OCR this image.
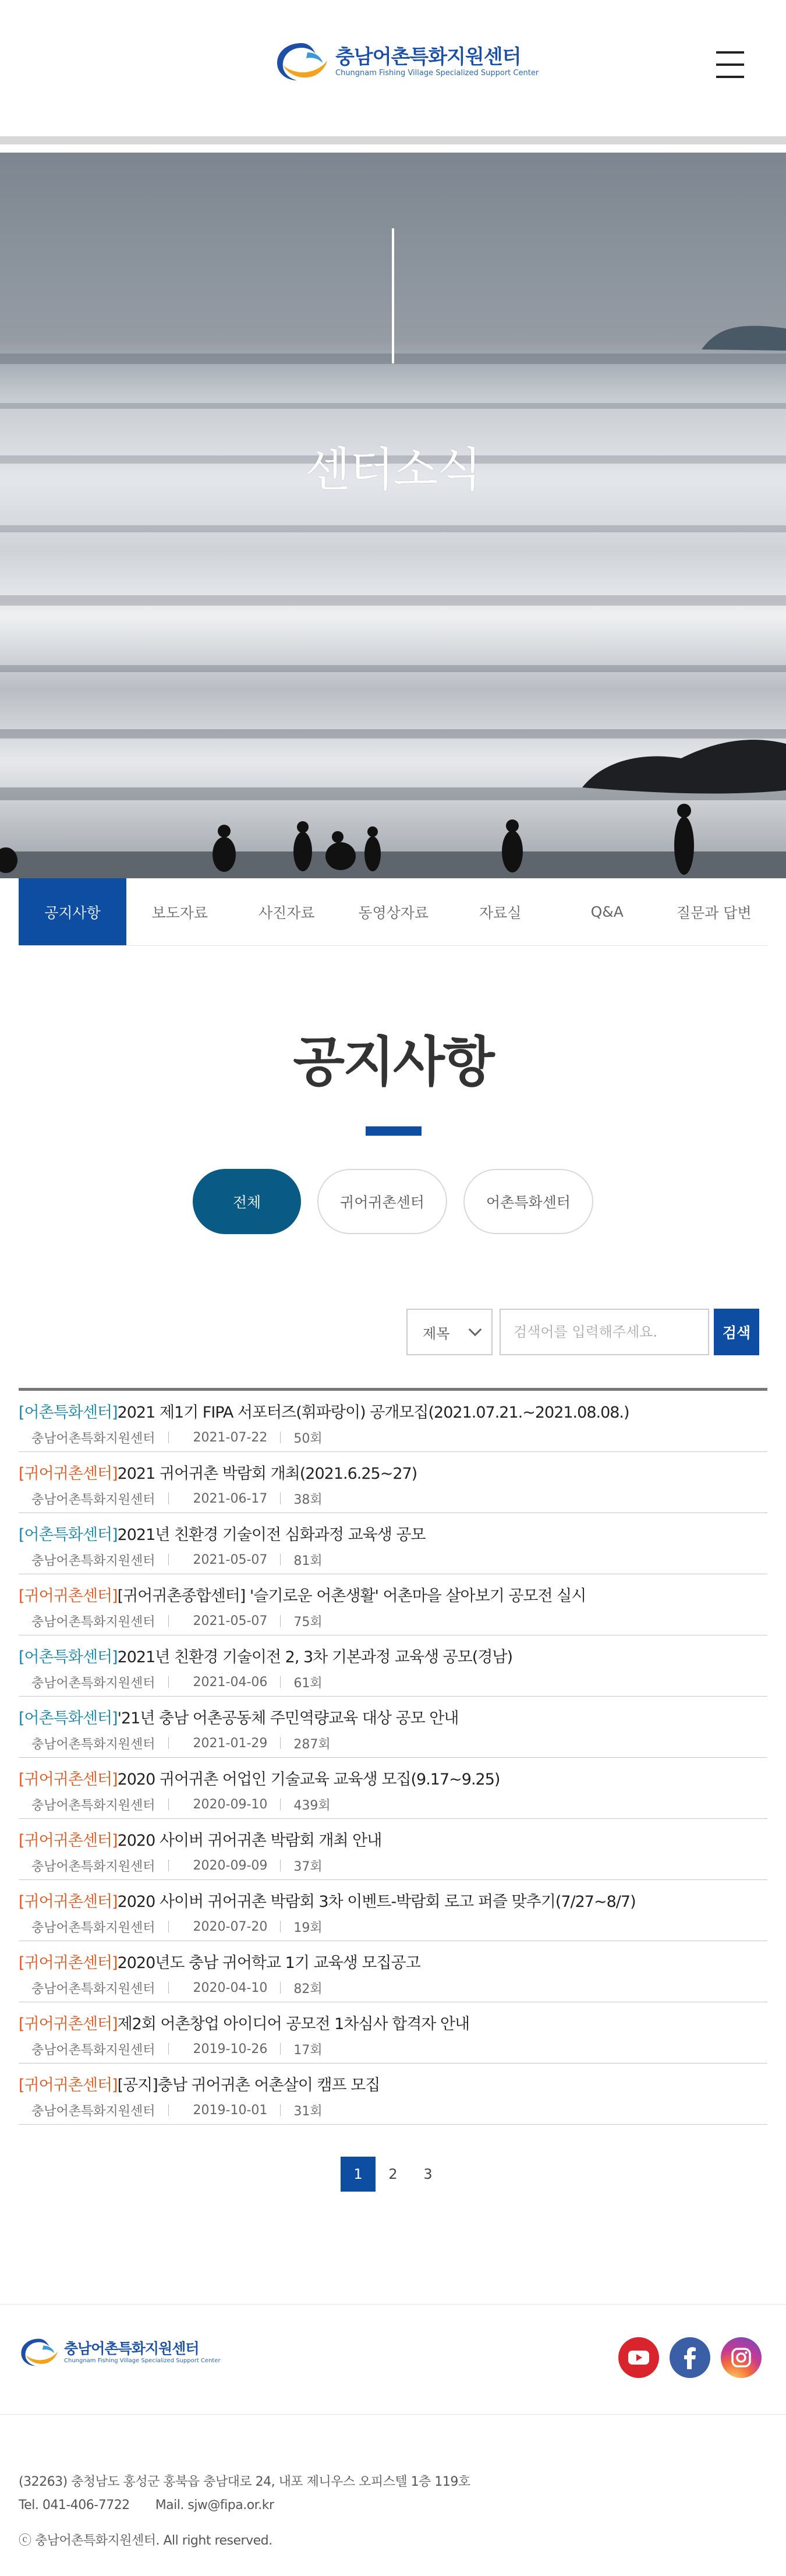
충남어촌특화지원센터
Chungnam Fishing Village Specialized Support Center
센터소식
공지사항	보도자료	사진자료	동영상자료	자료실	Q&A	질문과 답변
공지사항
전체	귀어귀촌센터	어촌특화센터
제목
검색어를 입력해주세요.	검색
[어촌특화센터]2021 제1기 FIPA 서포터즈(휘파랑이) 공개모집(2021.07.21.~2021.08.08.)
충남어촌특화지원센터	2021-07-22 50회
[귀어귀촌센터]2021 귀어귀촌 박람회 개최(2021.6.25~27)
충남어촌특화지원센터	2021-06-17 38회
[어촌특화센터]2021년 친환경 기술이전 심화과정 교육생 공모
충남어촌특화지원센터	2021-05-07 81회
[귀어귀촌센터][귀어귀촌종합센터] '슬기로운 어촌생활' 어촌마을 살아보기 공모전 실시
충남어촌특화지원센터	2021-05-07 75회
[어촌특화센터]2021년 친환경 기술이전 2, 3차 기본과정 교육생 공모(경남)
충남어촌특화지원센터	2021-04-06 61회
[어촌특화센터]'21년 충남 어촌공동체 주민역량교육 대상 공모 안내
충남어촌특화지원센터	2021-01-29 287회
[귀어귀촌센터]2020 귀어귀촌 어업인 기술교육 교육생 모집(9.17~9.25)
충남어촌특화지원센터	2020-09-10 439회
[귀어귀촌센터]2020 사이버 귀어귀촌 박람회 개최 안내
충남어촌특화지원센터	2020-09-09 37회
[귀어귀촌센터]2020 사이버 귀어귀촌 박람회 3차 이벤트-박람회 로고 퍼즐 맞추기(7/27~8/7)
충남어촌특화지원센터	2020-07-20 19회
[귀어귀촌센터]2020년도 충남 귀어학교 1기 교육생 모집공고
충남어촌특화지원센터	2020-04-10 82회
[귀어귀촌센터]제2회 어촌창업 아이디어 공모전 1차심사 합격자 안내
충남어촌특화지원센터	2019-10-26 17회
[귀어귀촌센터][공지]충남 귀어귀촌 어촌살이 캠프 모집
충남어촌특화지원센터	2019-10-01 31회
1	2	3
충남어촌특화지원센터
Chungnam Fishing Village Specialized Support Center
(32263) 충청남도 홍성군 홍북읍 충남대로 24, 내포 제니우스 오피스텔 1층 119호
Tel. 041-406-7722 Mail. sjw@fipa.or.kr
ⓒ 충남어촌특화지원센터. All right reserved.
